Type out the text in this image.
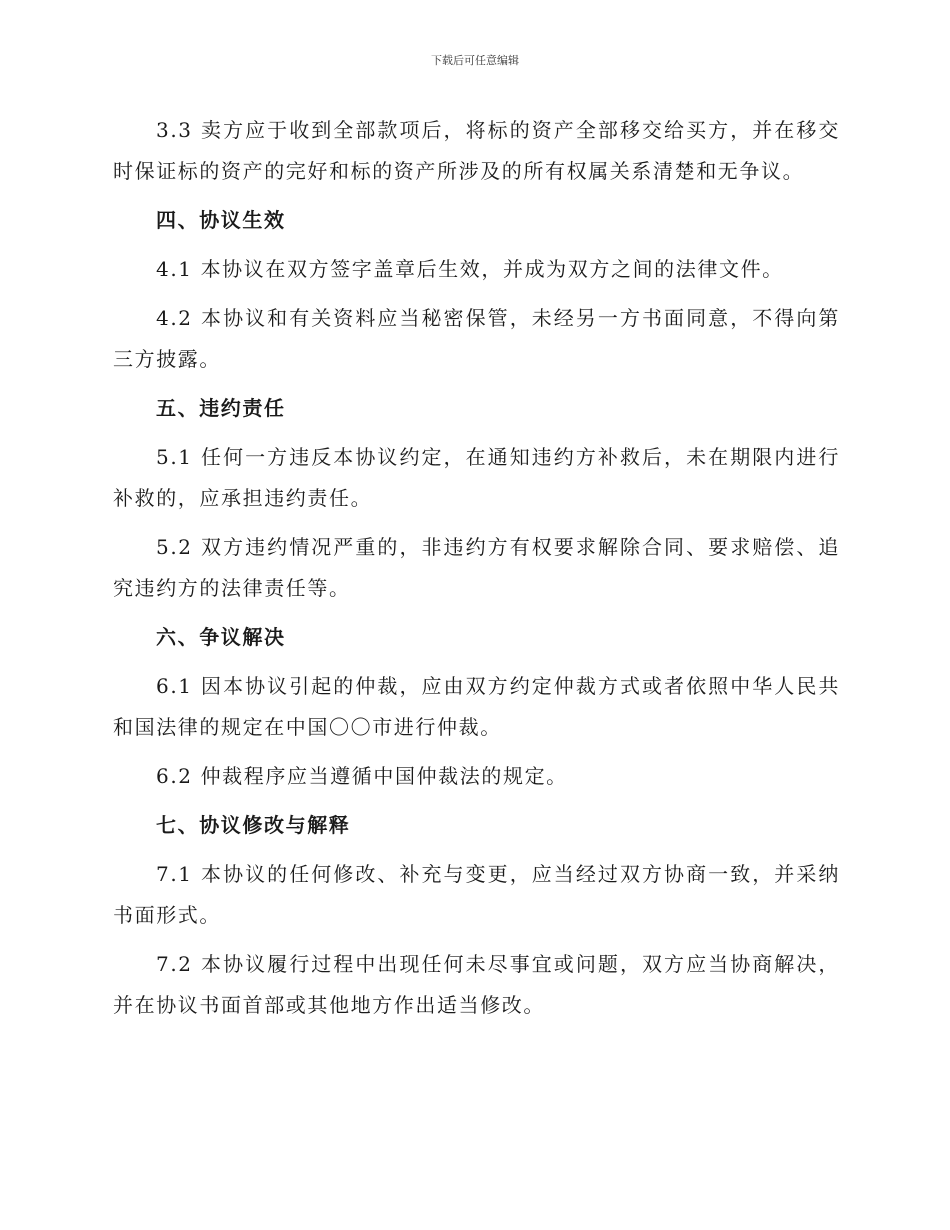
下载后可任意编辑

3.3 卖方应于收到全部款项后，将标的资产全部移交给买方，并在移交时保证标的资产的完好和标的资产所涉及的所有权属关系清楚和无争议。

四、协议生效

4.1 本协议在双方签字盖章后生效，并成为双方之间的法律文件。

4.2 本协议和有关资料应当秘密保管，未经另一方书面同意，不得向第三方披露。

五、违约责任

5.1 任何一方违反本协议约定，在通知违约方补救后，未在期限内进行补救的，应承担违约责任。

5.2 双方违约情况严重的，非违约方有权要求解除合同、要求赔偿、追究违约方的法律责任等。

六、争议解决

6.1 因本协议引起的仲裁，应由双方约定仲裁方式或者依照中华人民共和国法律的规定在中国〇〇市进行仲裁。

6.2 仲裁程序应当遵循中国仲裁法的规定。

七、协议修改与解释

7.1 本协议的任何修改、补充与变更，应当经过双方协商一致，并采纳书面形式。

7.2 本协议履行过程中出现任何未尽事宜或问题，双方应当协商解决，并在协议书面首部或其他地方作出适当修改。
